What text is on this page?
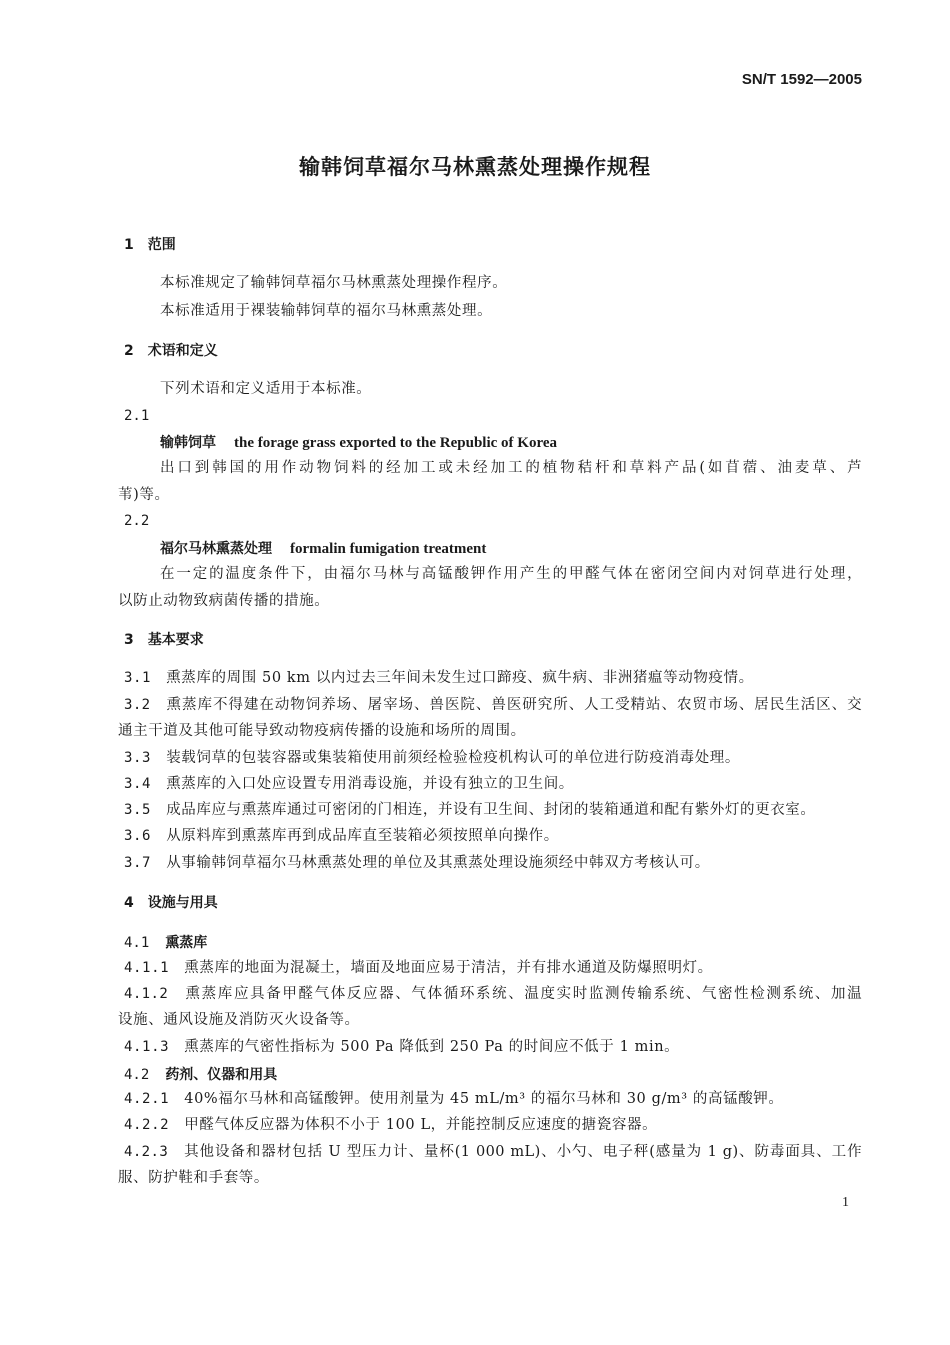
SN/T 1592—2005
输韩饲草福尔马林熏蒸处理操作规程
1　范围
本标准规定了输韩饲草福尔马林熏蒸处理操作程序。
本标准适用于裸装输韩饲草的福尔马林熏蒸处理。
2　术语和定义
下列术语和定义适用于本标准。
2.1
输韩饲草 the forage grass exported to the Republic of Korea
出口到韩国的用作动物饲料的经加工或未经加工的植物秸杆和草料产品(如苜蓿、油麦草、芦
苇)等。
2.2
福尔马林熏蒸处理 formalin fumigation treatment
在一定的温度条件下，由福尔马林与高锰酸钾作用产生的甲醛气体在密闭空间内对饲草进行处理，
以防止动物致病菌传播的措施。
3　基本要求
3.1　 熏蒸库的周围 50 km 以内过去三年间未发生过口蹄疫、疯牛病、非洲猪瘟等动物疫情。
3.2　 熏蒸库不得建在动物饲养场、屠宰场、兽医院、兽医研究所、人工受精站、农贸市场、居民生活区、交
通主干道及其他可能导致动物疫病传播的设施和场所的周围。
3.3　 装载饲草的包装容器或集装箱使用前须经检验检疫机构认可的单位进行防疫消毒处理。
3.4　 熏蒸库的入口处应设置专用消毒设施，并设有独立的卫生间。
3.5　 成品库应与熏蒸库通过可密闭的门相连，并设有卫生间、封闭的装箱通道和配有紫外灯的更衣室。
3.6　 从原料库到熏蒸库再到成品库直至装箱必须按照单向操作。
3.7　 从事输韩饲草福尔马林熏蒸处理的单位及其熏蒸处理设施须经中韩双方考核认可。
4　设施与用具
4.1　 熏蒸库
4.1.1　 熏蒸库的地面为混凝土，墙面及地面应易于清洁，并有排水通道及防爆照明灯。
4.1.2　 熏蒸库应具备甲醛气体反应器、气体循环系统、温度实时监测传输系统、气密性检测系统、加温
设施、通风设施及消防灭火设备等。
4.1.3　 熏蒸库的气密性指标为 500 Pa 降低到 250 Pa 的时间应不低于 1 min。
4.2　 药剂、仪器和用具
4.2.1　 40%福尔马林和高锰酸钾。使用剂量为 45 mL/m³ 的福尔马林和 30 g/m³ 的高锰酸钾。
4.2.2　 甲醛气体反应器为体积不小于 100 L，并能控制反应速度的搪瓷容器。
4.2.3　 其他设备和器材包括 U 型压力计、量杯(1 000 mL)、小勺、电子秤(感量为 1 g)、防毒面具、工作
服、防护鞋和手套等。
1
